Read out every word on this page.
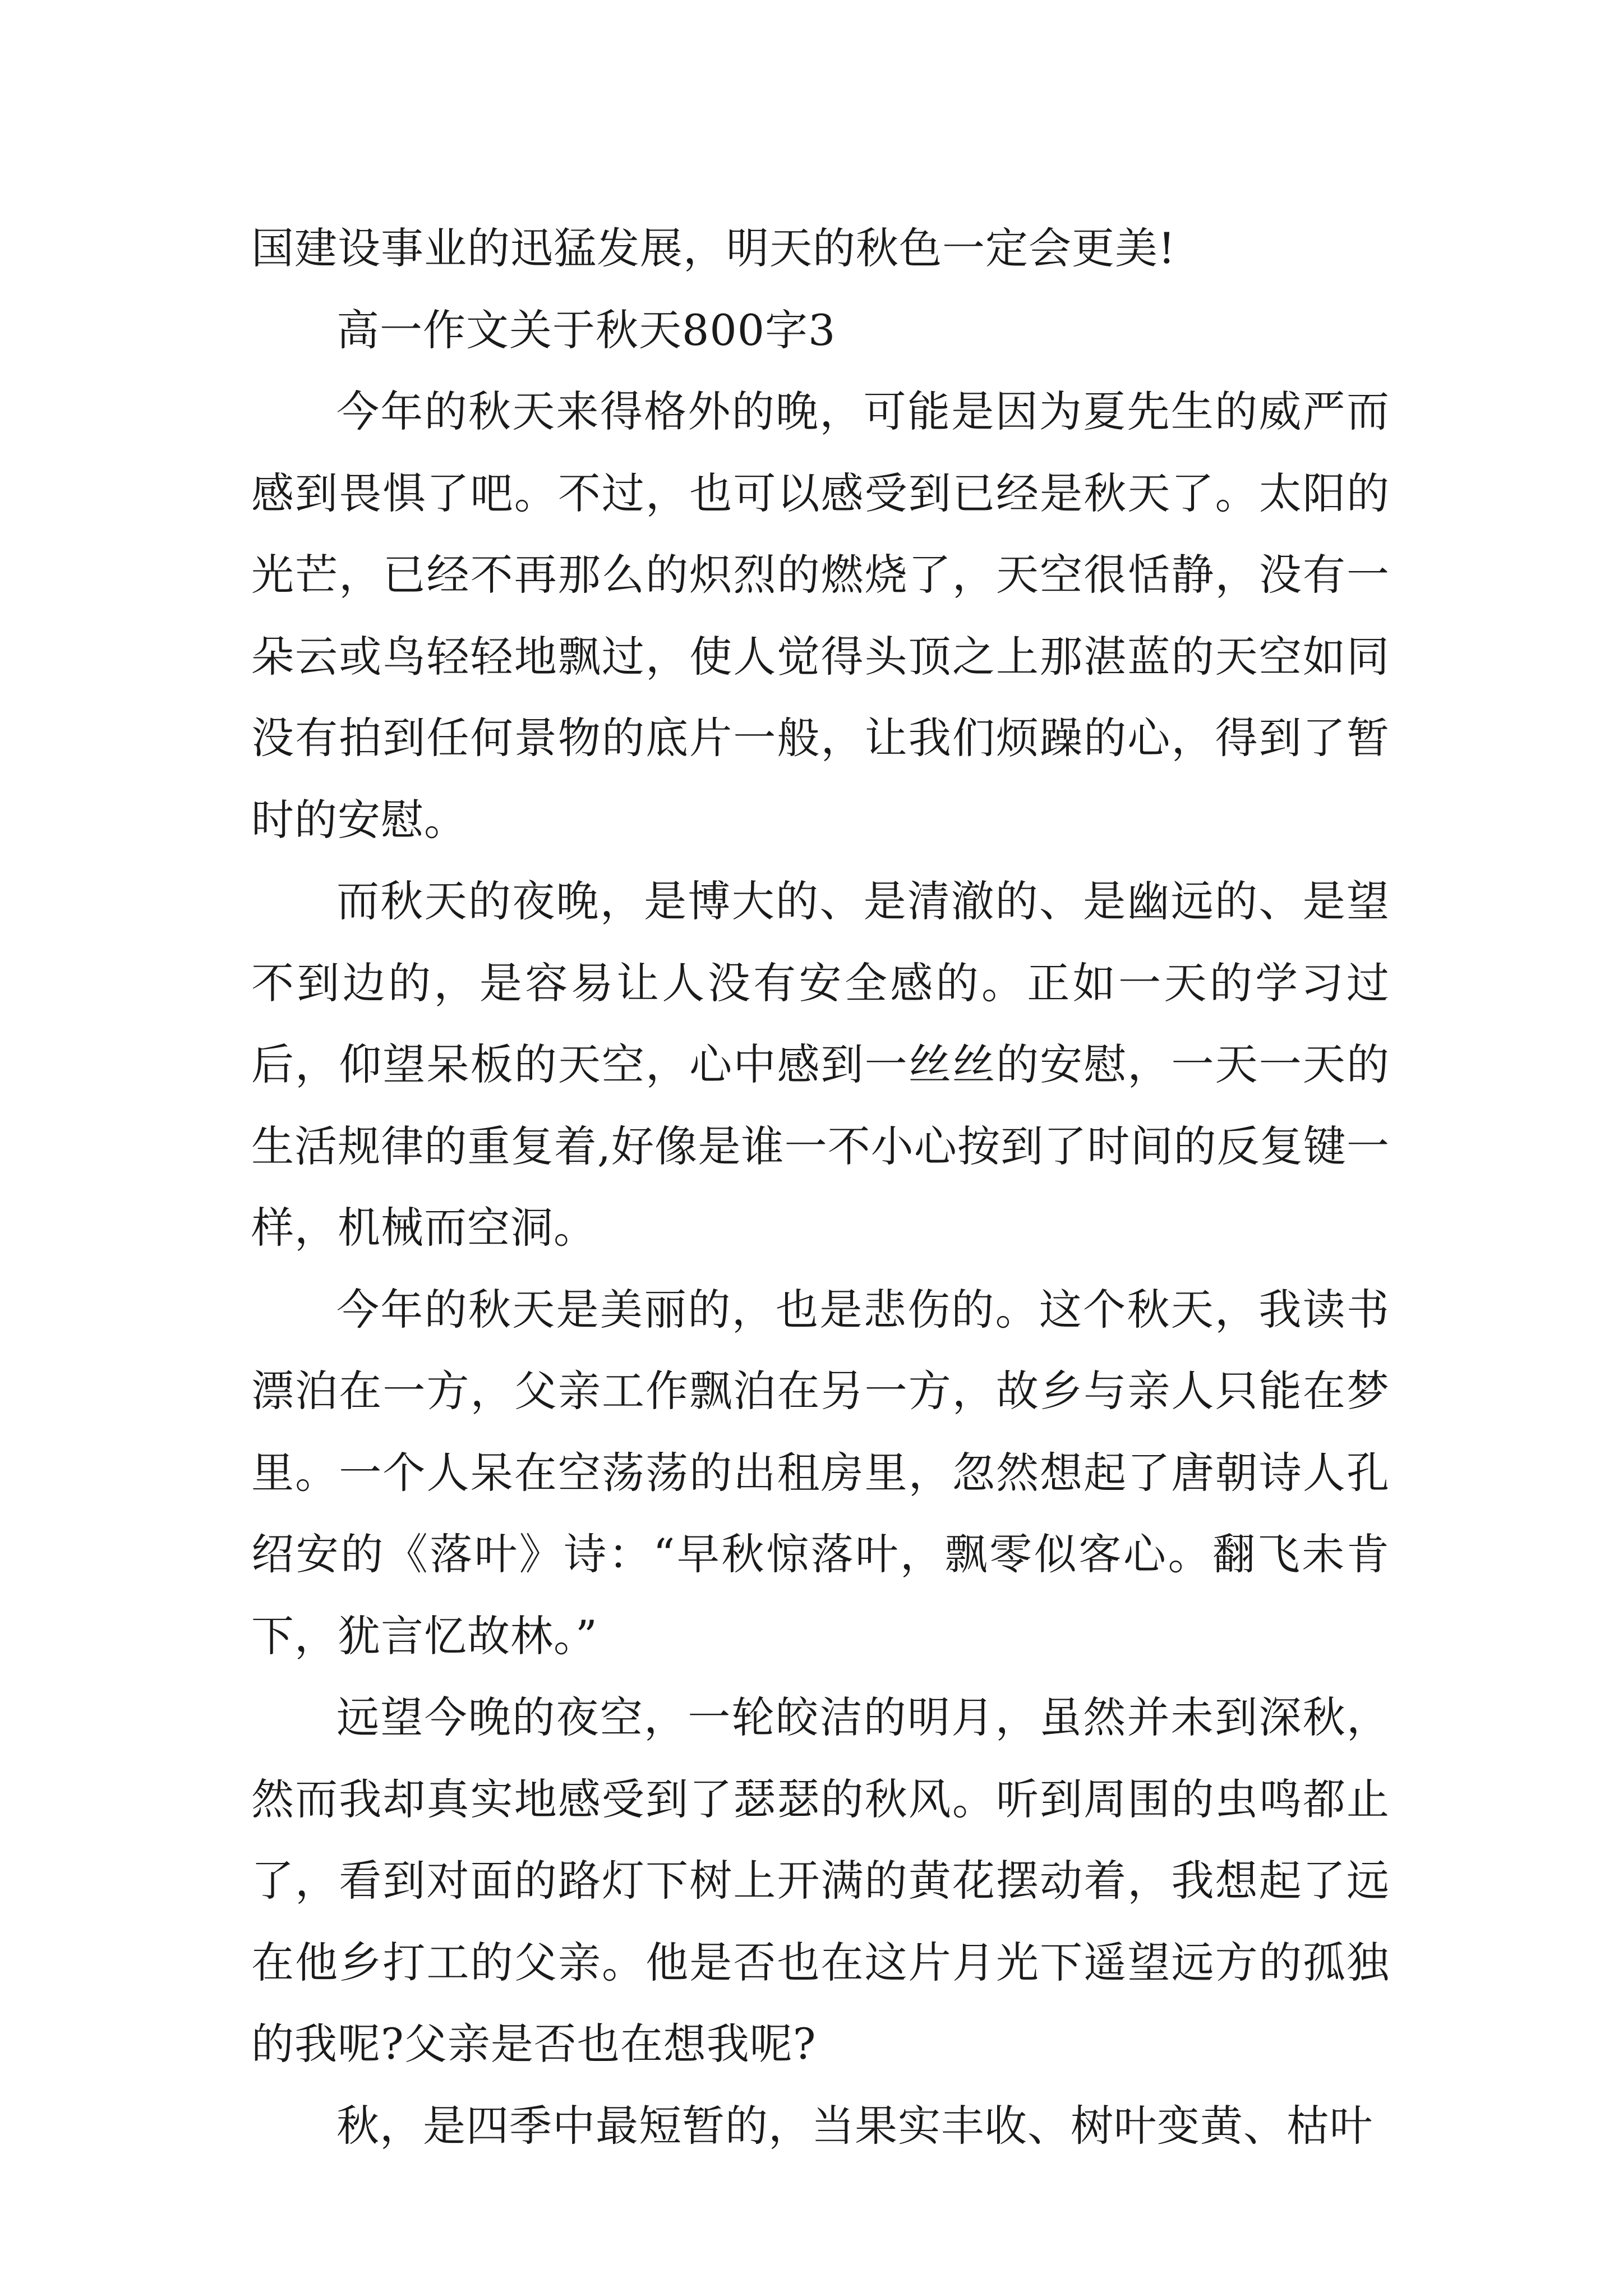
国建设事业的迅猛发展，明天的秋色一定会更美!

高一作文关于秋天800字3

今年的秋天来得格外的晚，可能是因为夏先生的威严而感到畏惧了吧。不过，也可以感受到已经是秋天了。太阳的光芒，已经不再那么的炽烈的燃烧了，天空很恬静，没有一朵云或鸟轻轻地飘过，使人觉得头顶之上那湛蓝的天空如同没有拍到任何景物的底片一般，让我们烦躁的心，得到了暂时的安慰。

而秋天的夜晚，是博大的、是清澈的、是幽远的、是望不到边的，是容易让人没有安全感的。正如一天的学习过后，仰望呆板的天空，心中感到一丝丝的安慰，一天一天的生活规律的重复着,好像是谁一不小心按到了时间的反复键一样，机械而空洞。

今年的秋天是美丽的，也是悲伤的。这个秋天，我读书漂泊在一方，父亲工作飘泊在另一方，故乡与亲人只能在梦里。一个人呆在空荡荡的出租房里，忽然想起了唐朝诗人孔绍安的《落叶》诗：“早秋惊落叶，飘零似客心。翻飞未肯下，犹言忆故林。”

远望今晚的夜空，一轮皎洁的明月，虽然并未到深秋，然而我却真实地感受到了瑟瑟的秋风。听到周围的虫鸣都止了，看到对面的路灯下树上开满的黄花摆动着，我想起了远在他乡打工的父亲。他是否也在这片月光下遥望远方的孤独的我呢?父亲是否也在想我呢?

秋，是四季中最短暂的，当果实丰收、树叶变黄、枯叶
